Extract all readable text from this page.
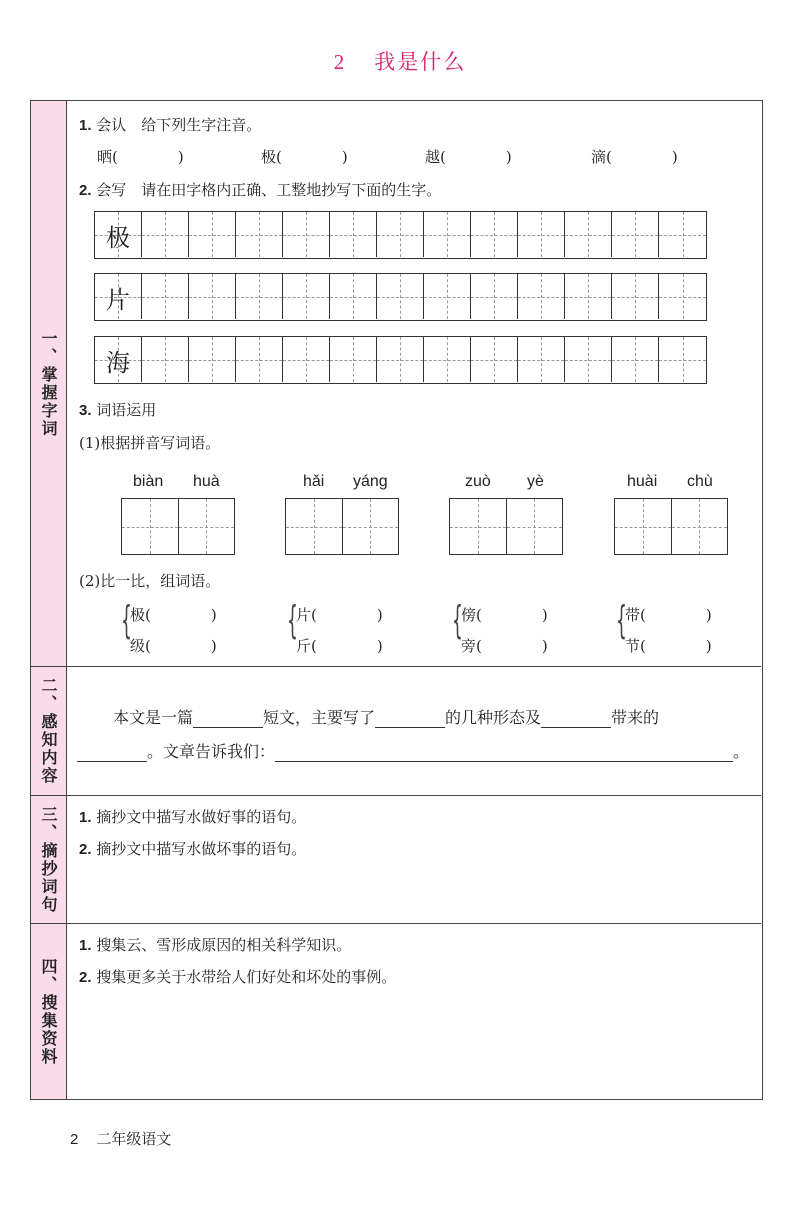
2 我是什么
一、掌握字词
1. 会认　给下列生字注音。
晒(　　　　)	极(　　　　)	越(　　　　)	滴(　　　　)
2. 会写　请在田字格内正确、工整地抄写下面的生字。
极
片
海
3. 词语运用
(1)根据拼音写词语。
biàn huà	hǎi yáng	zuò yè	huài chù
(2)比一比，组词语。
{
极(　　　　)
级(　　　　)
{
片(　　　　)
斤(　　　　)
{
傍(　　　　)
旁(　　　　)
{
带(　　　　)
节(　　　　)
二、感知内容	本文是一篇	短文，主要写了	的几种形态及	带来的
。文章告诉我们：	。
三、摘抄词句 1. 摘抄文中描写水做好事的语句。
2. 摘抄文中描写水做坏事的语句。
四、搜集资料
1. 搜集云、雪形成原因的相关科学知识。
2. 搜集更多关于水带给人们好处和坏处的事例。
2 二年级语文
